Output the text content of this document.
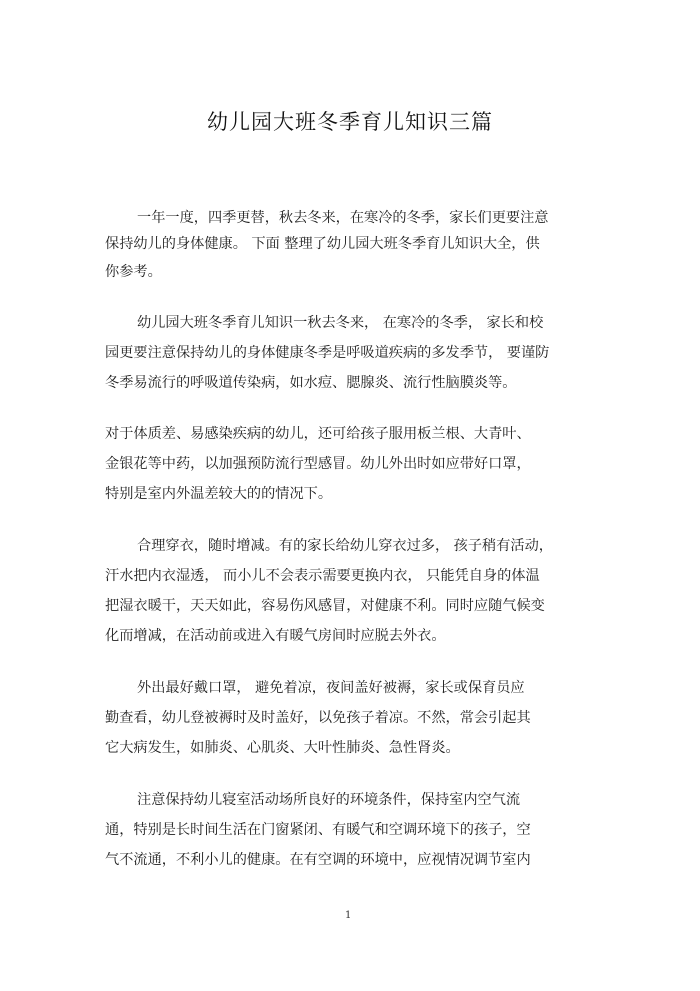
幼儿园大班冬季育儿知识三篇
一年一度，四季更替，秋去冬来，在寒冷的冬季，家长们更要注意
保持幼儿的身体健康。 下面 整理了幼儿园大班冬季育儿知识大全，供
你参考。
幼儿园大班冬季育儿知识一秋去冬来， 在寒冷的冬季， 家长和校
园更要注意保持幼儿的身体健康冬季是呼吸道疾病的多发季节， 要谨防
冬季易流行的呼吸道传染病，如水痘、腮腺炎、流行性脑膜炎等。
对于体质差、易感染疾病的幼儿，还可给孩子服用板兰根、大青叶、
金银花等中药，以加强预防流行型感冒。幼儿外出时如应带好口罩，
特别是室内外温差较大的的情况下。
合理穿衣，随时增减。有的家长给幼儿穿衣过多， 孩子稍有活动，
汗水把内衣湿透， 而小儿不会表示需要更换内衣， 只能凭自身的体温
把湿衣暖干，天天如此，容易伤风感冒，对健康不利。同时应随气候变
化而增减，在活动前或进入有暖气房间时应脱去外衣。
外出最好戴口罩， 避免着凉，夜间盖好被褥，家长或保育员应
勤查看，幼儿登被褥时及时盖好，以免孩子着凉。不然，常会引起其
它大病发生，如肺炎、心肌炎、大叶性肺炎、急性肾炎。
注意保持幼儿寝室活动场所良好的环境条件，保持室内空气流
通，特别是长时间生活在门窗紧闭、有暖气和空调环境下的孩子，空
气不流通，不利小儿的健康。在有空调的环境中，应视情况调节室内
1
